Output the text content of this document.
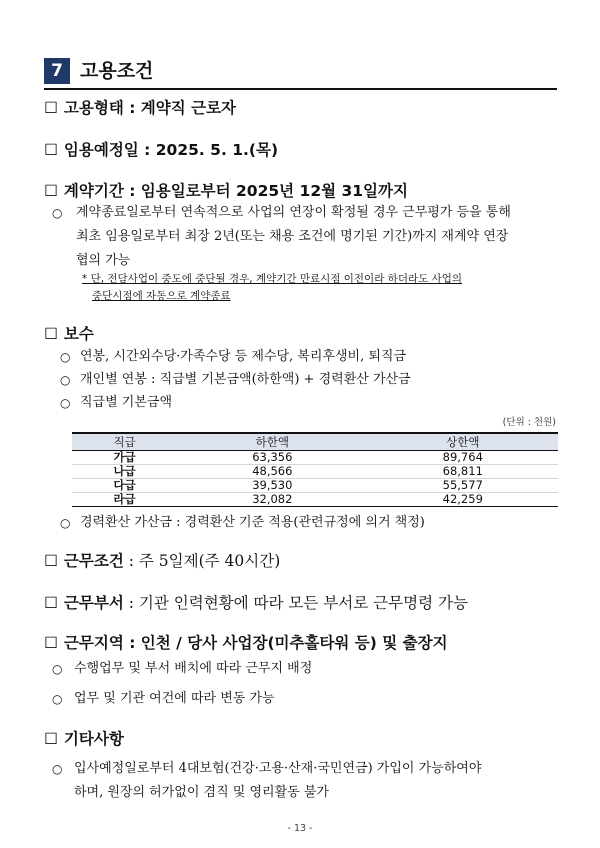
7 고용조건
☐ 고용형태 : 계약직 근로자
☐ 임용예정일 : 2025. 5. 1.(목)
☐ 계약기간 : 임용일로부터 2025년 12월 31일까지
○ 계약종료일로부터 연속적으로 사업의 연장이 확정될 경우 근무평가 등을 통해
최초 임용일로부터 최장 2년(또는 채용 조건에 명기된 기간)까지 재계약 연장
협의 가능
* 단, 전담사업이 중도에 중단될 경우, 계약기간 만료시점 이전이라 하더라도 사업의
중단시점에 자동으로 계약종료
☐ 보수
○ 연봉, 시간외수당·가족수당 등 제수당, 복리후생비, 퇴직금
○ 개인별 연봉 : 직급별 기본금액(하한액) + 경력환산 가산금
○ 직급별 기본금액
(단위 : 천원)
직급	하한액	상한액
가급	63,356	89,764
나급	48,566	68,811
다급	39,530	55,577
라급	32,082	42,259
○ 경력환산 가산금 : 경력환산 기준 적용(관련규정에 의거 책정)
☐ 근무조건 : 주 5일제(주 40시간)
☐ 근무부서 : 기관 인력현황에 따라 모든 부서로 근무명령 가능
☐ 근무지역 : 인천 / 당사 사업장(미추홀타워 등) 및 출장지
○ 수행업무 및 부서 배치에 따라 근무지 배정
○ 업무 및 기관 여건에 따라 변동 가능
☐ 기타사항
○ 입사예정일로부터 4대보험(건강·고용·산재·국민연금) 가입이 가능하여야
하며, 원장의 허가없이 겸직 및 영리활동 불가
- 13 -
